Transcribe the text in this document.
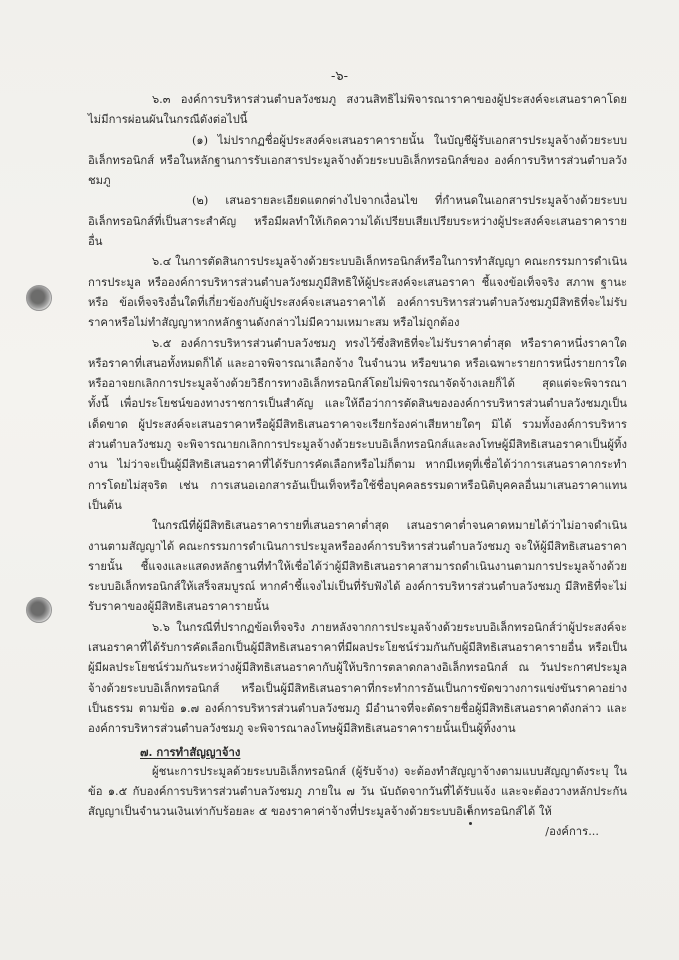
-๖-

๖.๓ องค์การบริหารส่วนตำบลวังชมภู สงวนสิทธิไม่พิจารณาราคาของผู้ประสงค์จะเสนอราคาโดยไม่มีการผ่อนผันในกรณีดังต่อไปนี้

(๑) ไม่ปรากฏชื่อผู้ประสงค์จะเสนอราคารายนั้น ในบัญชีผู้รับเอกสารประมูลจ้างด้วยระบบอิเล็กทรอนิกส์ หรือในหลักฐานการรับเอกสารประมูลจ้างด้วยระบบอิเล็กทรอนิกส์ของ องค์การบริหารส่วนตำบลวังชมภู

(๒) เสนอรายละเอียดแตกต่างไปจากเงื่อนไข ที่กำหนดในเอกสารประมูลจ้างด้วยระบบอิเล็กทรอนิกส์ที่เป็นสาระสำคัญ หรือมีผลทำให้เกิดความได้เปรียบเสียเปรียบระหว่างผู้ประสงค์จะเสนอราคารายอื่น

๖.๔ ในการตัดสินการประมูลจ้างด้วยระบบอิเล็กทรอนิกส์หรือในการทำสัญญา คณะกรรมการดำเนินการประมูล หรือองค์การบริหารส่วนตำบลวังชมภูมีสิทธิให้ผู้ประสงค์จะเสนอราคา ชี้แจงข้อเท็จจริง สภาพ ฐานะ หรือ ข้อเท็จจริงอื่นใดที่เกี่ยวข้องกับผู้ประสงค์จะเสนอราคาได้ องค์การบริหารส่วนตำบลวังชมภูมีสิทธิที่จะไม่รับราคาหรือไม่ทำสัญญาหากหลักฐานดังกล่าวไม่มีความเหมาะสม หรือไม่ถูกต้อง

๖.๕ องค์การบริหารส่วนตำบลวังชมภู ทรงไว้ซึ่งสิทธิที่จะไม่รับราคาต่ำสุด หรือราคาหนึ่งราคาใด หรือราคาที่เสนอทั้งหมดก็ได้ และอาจพิจารณาเลือกจ้าง ในจำนวน หรือขนาด หรือเฉพาะรายการหนึ่งรายการใดหรืออาจยกเลิกการประมูลจ้างด้วยวิธีการทางอิเล็กทรอนิกส์โดยไม่พิจารณาจัดจ้างเลยก็ได้ สุดแต่จะพิจารณา ทั้งนี้ เพื่อประโยชน์ของทางราชการเป็นสำคัญ และให้ถือว่าการตัดสินขององค์การบริหารส่วนตำบลวังชมภูเป็นเด็ดขาด ผู้ประสงค์จะเสนอราคาหรือผู้มีสิทธิเสนอราคาจะเรียกร้องค่าเสียหายใดๆ มิได้ รวมทั้งองค์การบริหารส่วนตำบลวังชมภู จะพิจารณายกเลิกการประมูลจ้างด้วยระบบอิเล็กทรอนิกส์และลงโทษผู้มีสิทธิเสนอราคาเป็นผู้ทิ้งงาน ไม่ว่าจะเป็นผู้มีสิทธิเสนอราคาที่ได้รับการคัดเลือกหรือไม่ก็ตาม หากมีเหตุที่เชื่อได้ว่าการเสนอราคากระทำการโดยไม่สุจริต เช่น การเสนอเอกสารอันเป็นเท็จหรือใช้ชื่อบุคคลธรรมดาหรือนิติบุคคลอื่นมาเสนอราคาแทน เป็นต้น

ในกรณีที่ผู้มีสิทธิเสนอราคารายที่เสนอราคาต่ำสุด เสนอราคาต่ำจนคาดหมายได้ว่าไม่อาจดำเนินงานตามสัญญาได้ คณะกรรมการดำเนินการประมูลหรือองค์การบริหารส่วนตำบลวังชมภู จะให้ผู้มีสิทธิเสนอราคารายนั้น ชี้แจงและแสดงหลักฐานที่ทำให้เชื่อได้ว่าผู้มีสิทธิเสนอราคาสามารถดำเนินงานตามการประมูลจ้างด้วยระบบอิเล็กทรอนิกส์ให้เสร็จสมบูรณ์ หากคำชี้แจงไม่เป็นที่รับฟังได้ องค์การบริหารส่วนตำบลวังชมภู มีสิทธิที่จะไม่รับราคาของผู้มีสิทธิเสนอราคารายนั้น

๖.๖ ในกรณีที่ปรากฏข้อเท็จจริง ภายหลังจากการประมูลจ้างด้วยระบบอิเล็กทรอนิกส์ว่าผู้ประสงค์จะเสนอราคาที่ได้รับการคัดเลือกเป็นผู้มีสิทธิเสนอราคาที่มีผลประโยชน์ร่วมกันกับผู้มีสิทธิเสนอราคารายอื่น หรือเป็นผู้มีผลประโยชน์ร่วมกันระหว่างผู้มีสิทธิเสนอราคากับผู้ให้บริการตลาดกลางอิเล็กทรอนิกส์ ณ วันประกาศประมูลจ้างด้วยระบบอิเล็กทรอนิกส์ หรือเป็นผู้มีสิทธิเสนอราคาที่กระทำการอันเป็นการขัดขวางการแข่งขันราคาอย่างเป็นธรรม ตามข้อ ๑.๗ องค์การบริหารส่วนตำบลวังชมภู มีอำนาจที่จะตัดรายชื่อผู้มีสิทธิเสนอราคาดังกล่าว และ องค์การบริหารส่วนตำบลวังชมภู จะพิจารณาลงโทษผู้มีสิทธิเสนอราคารายนั้นเป็นผู้ทิ้งงาน

๗. การทำสัญญาจ้าง

ผู้ชนะการประมูลด้วยระบบอิเล็กทรอนิกส์ (ผู้รับจ้าง) จะต้องทำสัญญาจ้างตามแบบสัญญาดังระบุ ใน ข้อ ๑.๕ กับองค์การบริหารส่วนตำบลวังชมภู ภายใน ๗ วัน นับถัดจากวันที่ได้รับแจ้ง และจะต้องวางหลักประกันสัญญาเป็นจำนวนเงินเท่ากับร้อยละ ๕ ของราคาค่าจ้างที่ประมูลจ้างด้วยระบบอิเล็กทรอนิกส์ได้ ให้

/องค์การ...
